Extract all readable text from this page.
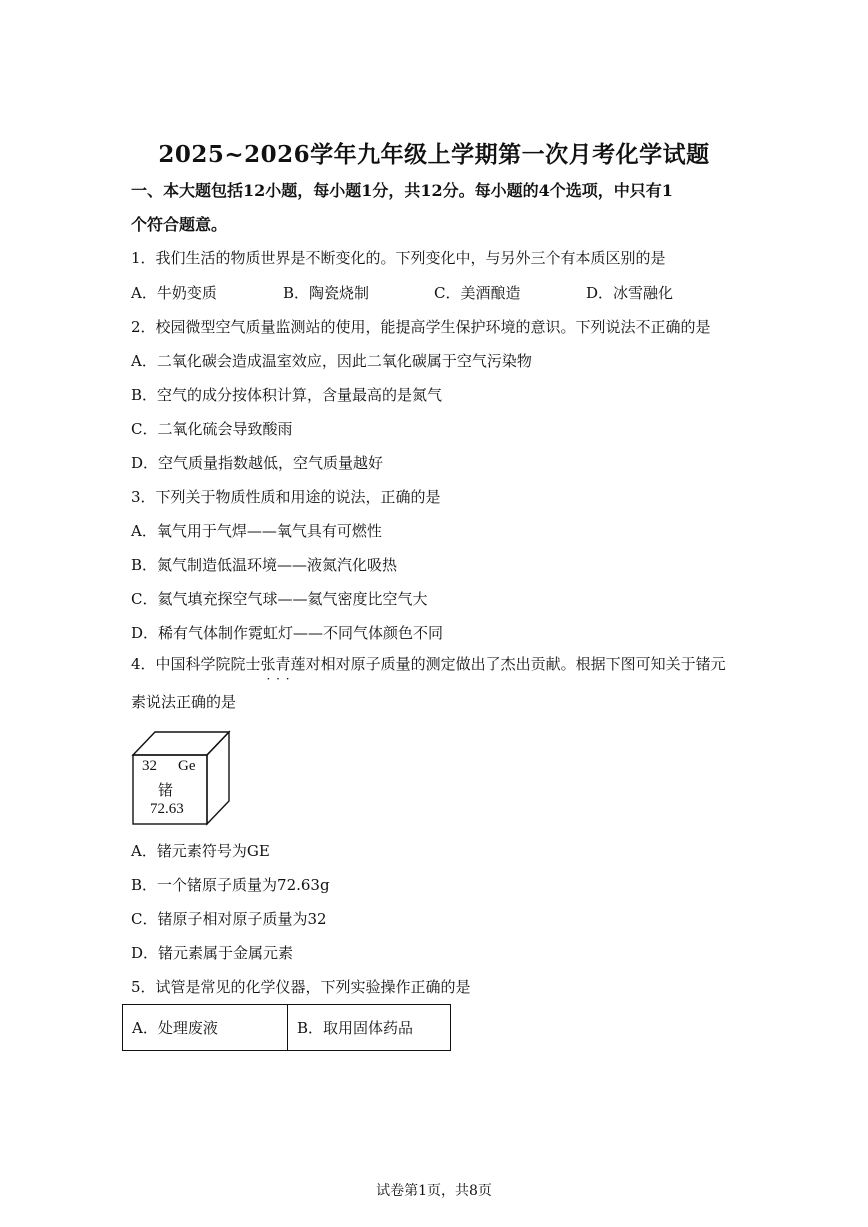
2025~2026学年九年级上学期第一次月考化学试题
一、本大题包括12小题，每小题1分，共12分。每小题的4个选项，中只有1
个符合题意。
1．我们生活的物质世界是不断变化的。下列变化中，与另外三个有本质区别的是
A．牛奶变质	B．陶瓷烧制	C．美酒酿造	D．冰雪融化
2．校园微型空气质量监测站的使用，能提高学生保护环境的意识。下列说法不正确的是
A．二氧化碳会造成温室效应，因此二氧化碳属于空气污染物
B．空气的成分按体积计算，含量最高的是氮气
C．二氧化硫会导致酸雨
D．空气质量指数越低，空气质量越好
3．下列关于物质性质和用途的说法，正确的是
A．氧气用于气焊——氧气具有可燃性
B．氮气制造低温环境——液氮汽化吸热
C．氦气填充探空气球——氦气密度比空气大
D．稀有气体制作霓虹灯——不同气体颜色不同
4．中国科学院院士张青莲 · · ·对相对原子质量的测定做出了杰出贡献。根据下图可知关于锗元
素说法正确的是
32 Ge
锗
72.63
A．锗元素符号为GE
B．一个锗原子质量为72.63g
C．锗原子相对原子质量为32
D．锗元素属于金属元素
5．试管是常见的化学仪器，下列实验操作正确的是
A．处理废液	B．取用固体药品
试卷第1页，共8页
